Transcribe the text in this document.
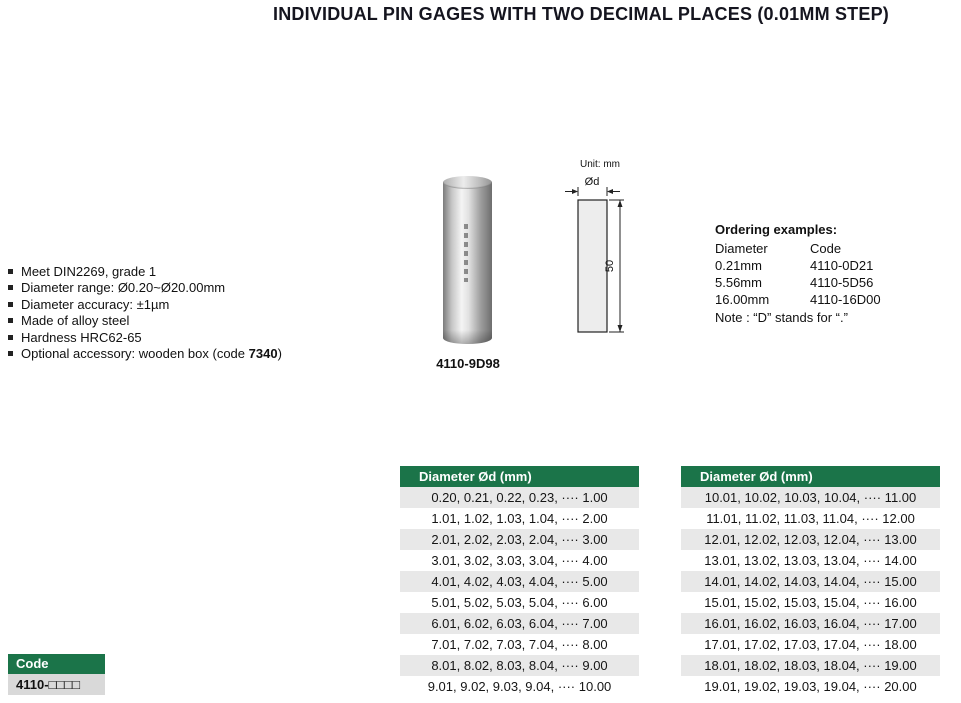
INDIVIDUAL PIN GAGES WITH TWO DECIMAL PLACES (0.01MM STEP)
Meet DIN2269, grade 1
Diameter range: Ø0.20~Ø20.00mm
Diameter accuracy: ±1µm
Made of alloy steel
Hardness HRC62-65
Optional accessory: wooden box (code 7340)
4110-9D98
Unit: mm
Ød
50
Ordering examples:
Diameter	Code
0.21mm	4110-0D21
5.56mm	4110-5D56
16.00mm	4110-16D00
Note : “D” stands for “.”
Code
4110-□□□□
Diameter Ød (mm)
0.20, 0.21, 0.22, 0.23, ···· 1.00
1.01, 1.02, 1.03, 1.04, ···· 2.00
2.01, 2.02, 2.03, 2.04, ···· 3.00
3.01, 3.02, 3.03, 3.04, ···· 4.00
4.01, 4.02, 4.03, 4.04, ···· 5.00
5.01, 5.02, 5.03, 5.04, ···· 6.00
6.01, 6.02, 6.03, 6.04, ···· 7.00
7.01, 7.02, 7.03, 7.04, ···· 8.00
8.01, 8.02, 8.03, 8.04, ···· 9.00
9.01, 9.02, 9.03, 9.04, ···· 10.00
Diameter Ød (mm)
10.01, 10.02, 10.03, 10.04, ···· 11.00
11.01, 11.02, 11.03, 11.04, ···· 12.00
12.01, 12.02, 12.03, 12.04, ···· 13.00
13.01, 13.02, 13.03, 13.04, ···· 14.00
14.01, 14.02, 14.03, 14.04, ···· 15.00
15.01, 15.02, 15.03, 15.04, ···· 16.00
16.01, 16.02, 16.03, 16.04, ···· 17.00
17.01, 17.02, 17.03, 17.04, ···· 18.00
18.01, 18.02, 18.03, 18.04, ···· 19.00
19.01, 19.02, 19.03, 19.04, ···· 20.00
